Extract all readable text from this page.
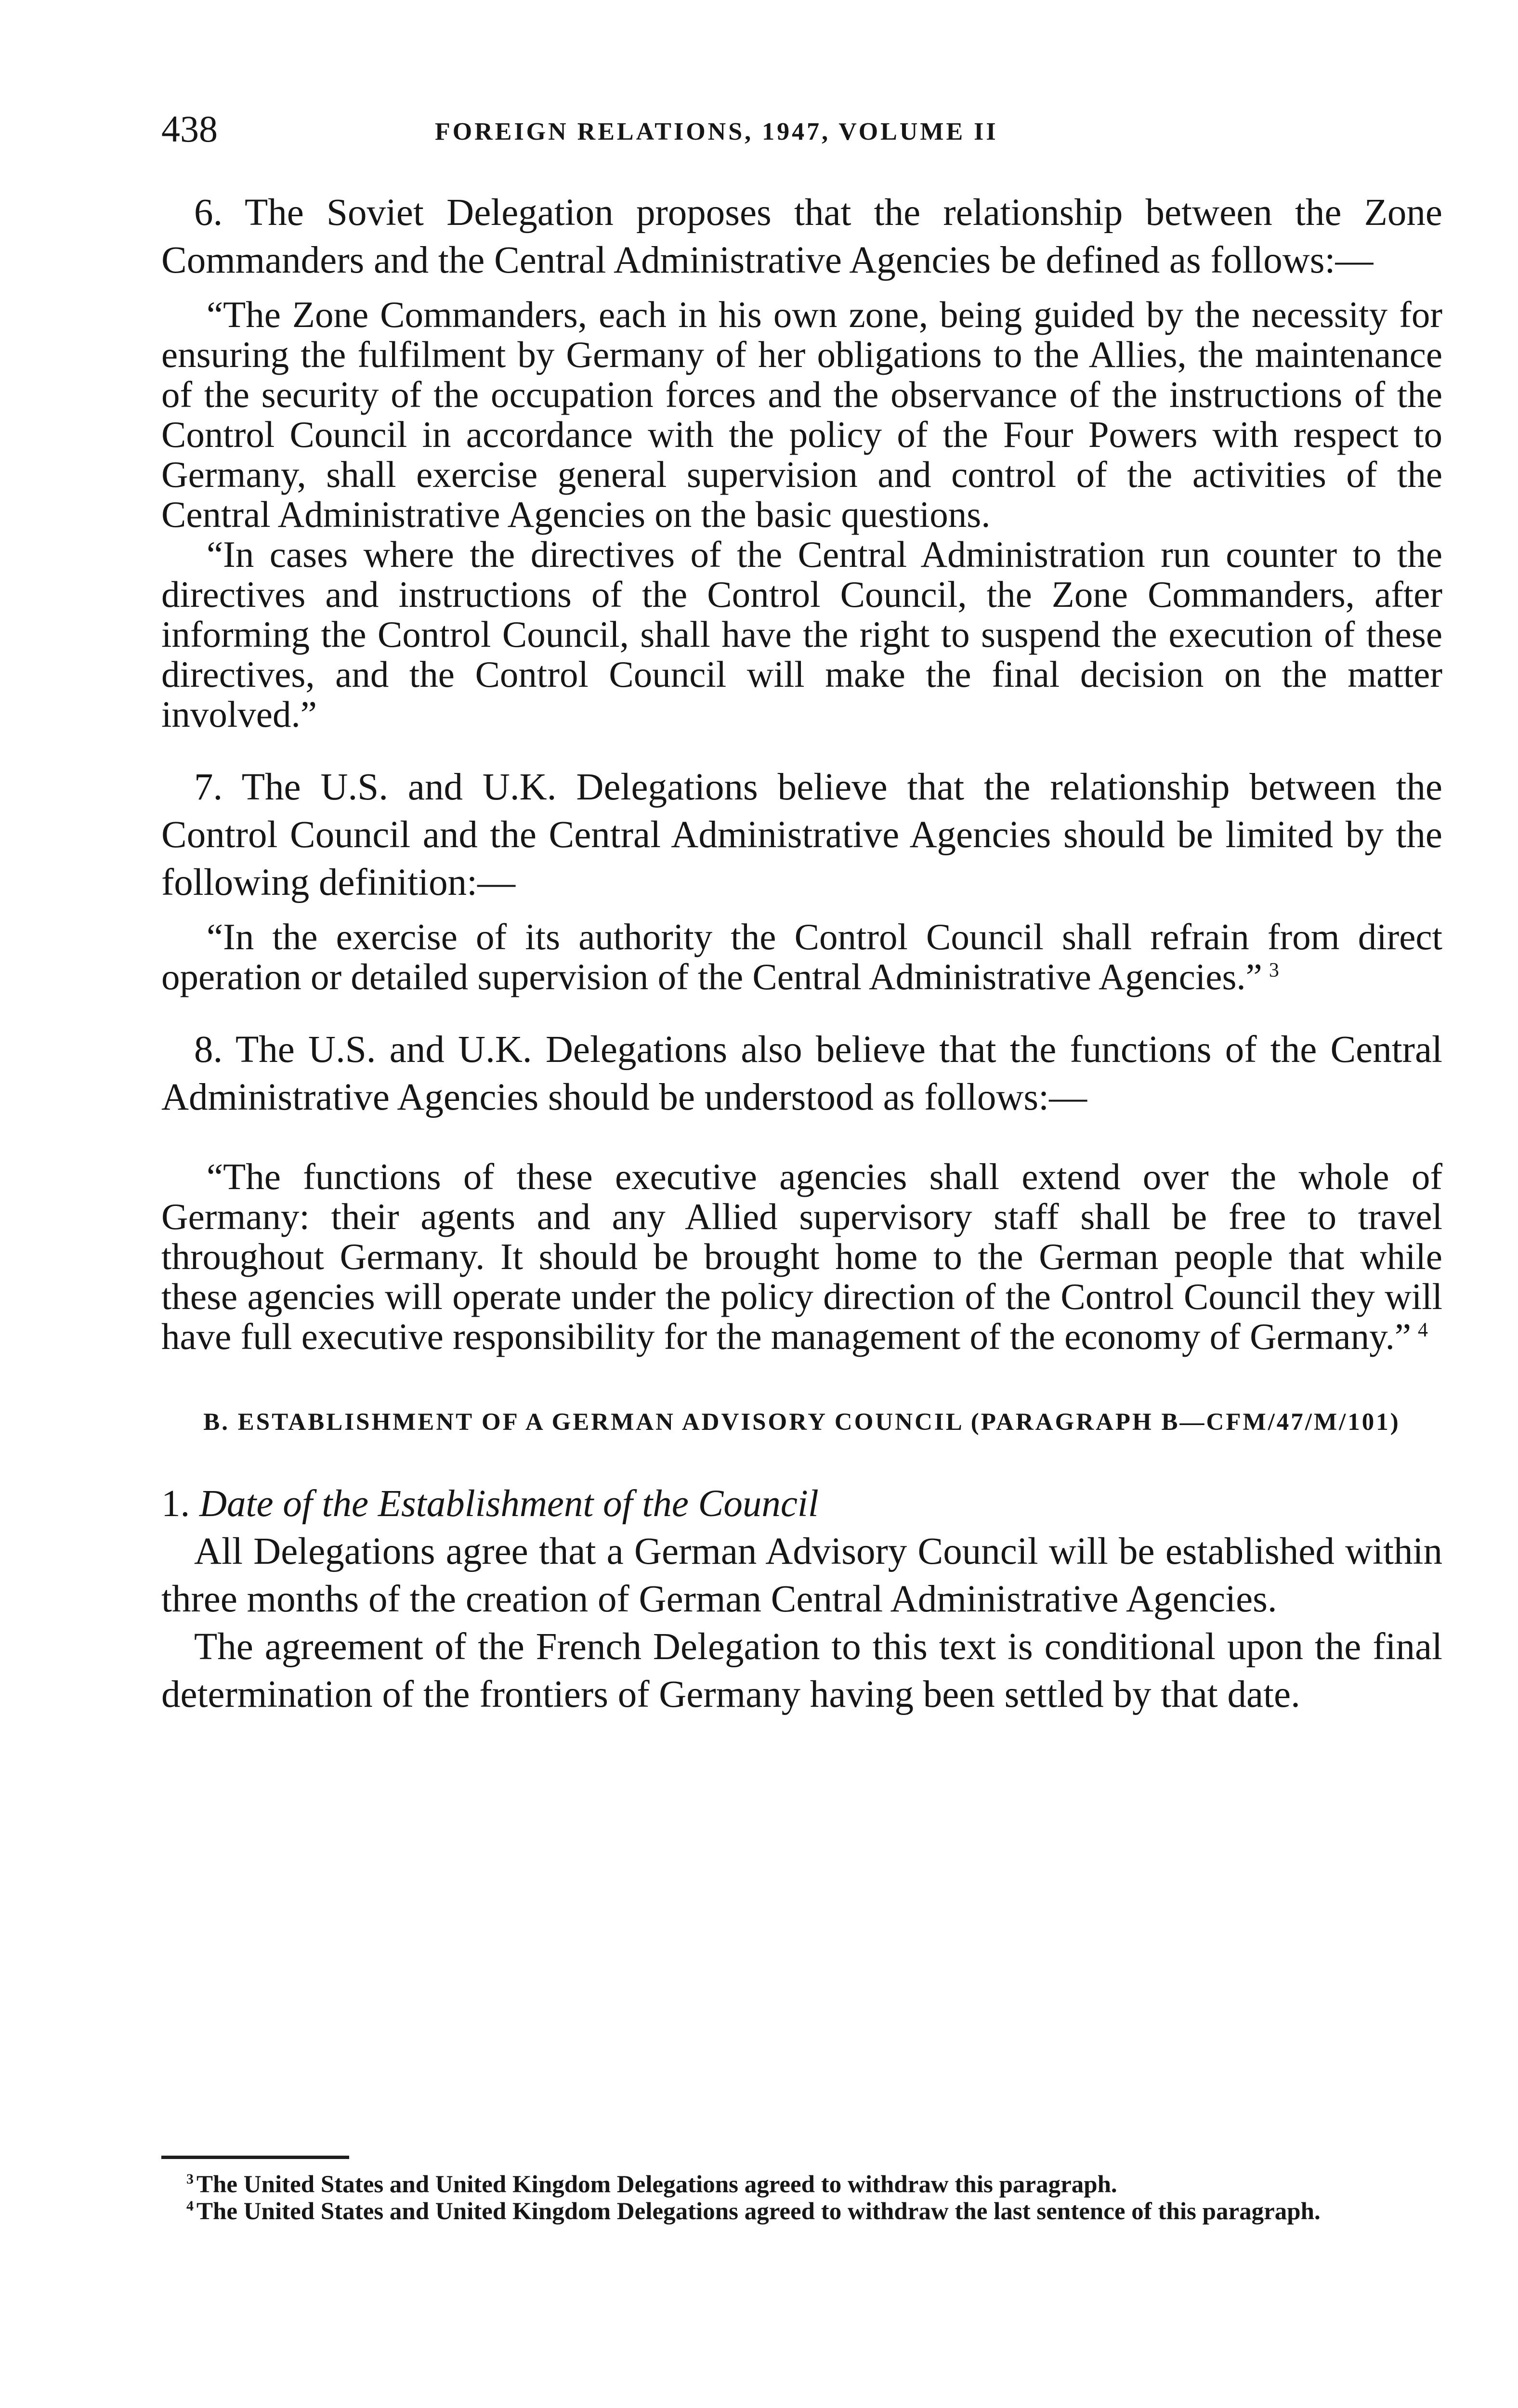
438	FOREIGN RELATIONS, 1947, VOLUME II

6. The Soviet Delegation proposes that the relationship between the Zone Commanders and the Central Administrative Agencies be defined as follows:—

“The Zone Commanders, each in his own zone, being guided by the necessity for ensuring the fulfilment by Germany of her obligations to the Allies, the maintenance of the security of the occupation forces and the observance of the instructions of the Control Council in accordance with the policy of the Four Powers with respect to Germany, shall exercise general supervision and control of the activities of the Central Administrative Agencies on the basic questions.

“In cases where the directives of the Central Administration run counter to the directives and instructions of the Control Council, the Zone Commanders, after informing the Control Council, shall have the right to suspend the execution of these directives, and the Control Council will make the final decision on the matter involved.”

7. The U.S. and U.K. Delegations believe that the relationship between the Control Council and the Central Administrative Agencies should be limited by the following definition:—

“In the exercise of its authority the Control Council shall refrain from direct operation or detailed supervision of the Central Administrative Agencies.” $^3$

8. The U.S. and U.K. Delegations also believe that the functions of the Central Administrative Agencies should be understood as follows:—

“The functions of these executive agencies shall extend over the whole of Germany: their agents and any Allied supervisory staff shall be free to travel throughout Germany. It should be brought home to the German people that while these agencies will operate under the policy direction of the Control Council they will have full executive responsibility for the management of the economy of Germany.” $^4$

B. ESTABLISHMENT OF A GERMAN ADVISORY COUNCIL (PARAGRAPH B—CFM/47/M/101)

1. Date of the Establishment of the Council

All Delegations agree that a German Advisory Council will be established within three months of the creation of German Central Administrative Agencies.

The agreement of the French Delegation to this text is conditional upon the final determination of the frontiers of Germany having been settled by that date.

$^3$ The United States and United Kingdom Delegations agreed to withdraw this paragraph.

$^4$ The United States and United Kingdom Delegations agreed to withdraw the last sentence of this paragraph.
